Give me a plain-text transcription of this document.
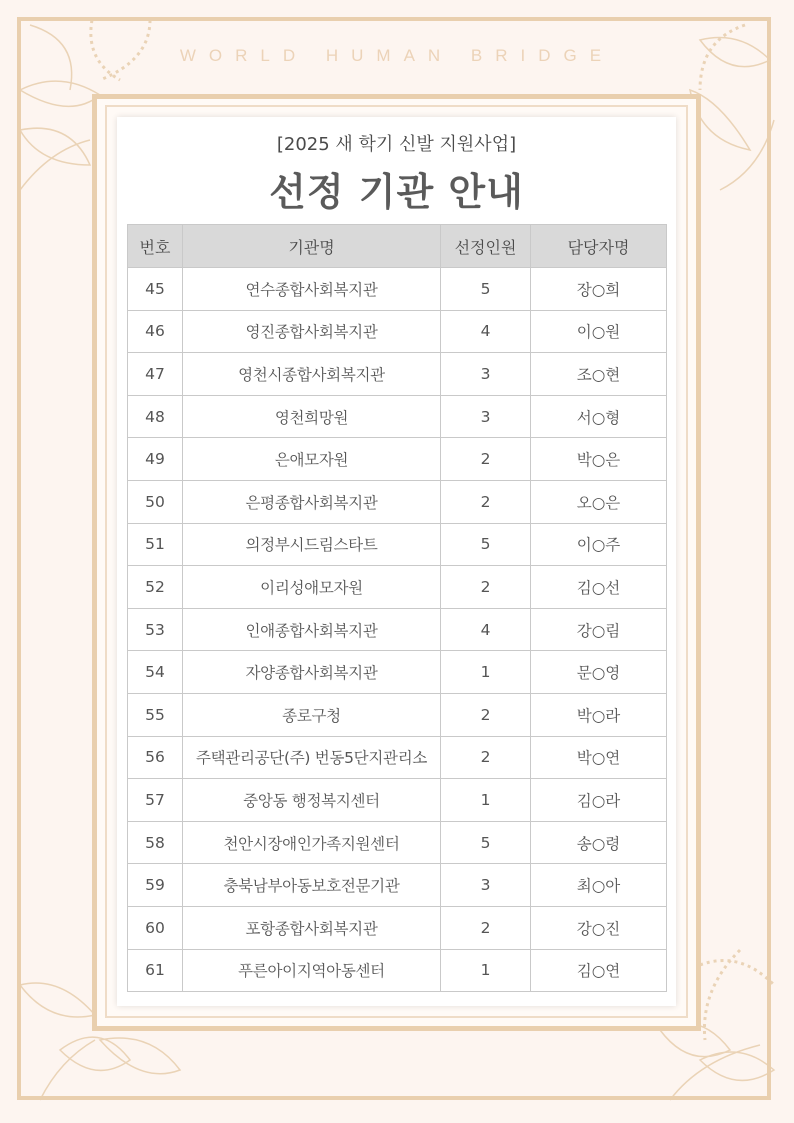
WORLD HUMAN BRIDGE
[2025 새 학기 신발 지원사업]
선정 기관 안내
번호	기관명	선정인원	담당자명
45	연수종합사회복지관	5	장○희
46	영진종합사회복지관	4	이○원
47	영천시종합사회복지관	3	조○현
48	영천희망원	3	서○형
49	은애모자원	2	박○은
50	은평종합사회복지관	2	오○은
51	의정부시드림스타트	5	이○주
52	이리성애모자원	2	김○선
53	인애종합사회복지관	4	강○림
54	자양종합사회복지관	1	문○영
55	종로구청	2	박○라
56	주택관리공단(주) 번동5단지관리소	2	박○연
57	중앙동 행정복지센터	1	김○라
58	천안시장애인가족지원센터	5	송○령
59	충북남부아동보호전문기관	3	최○아
60	포항종합사회복지관	2	강○진
61	푸른아이지역아동센터	1	김○연
